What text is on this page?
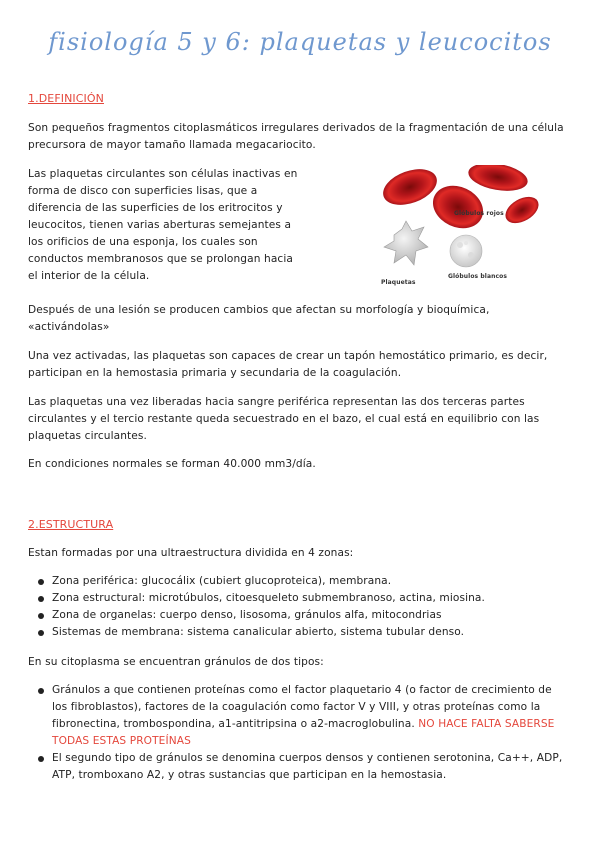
fisiología 5 y 6: plaquetas y leucocitos
1.DEFINICIÓN

Son pequeños fragmentos citoplasmáticos irregulares derivados de la fragmentación de una célula precursora de mayor tamaño llamada megacariocito.

Las plaquetas circulantes son células inactivas en forma de disco con superficies lisas, que a diferencia de las superficies de los eritrocitos y leucocitos, tienen varias aberturas semejantes a los orificios de una esponja, los cuales son conductos membranosos que se prolongan hacia el interior de la célula.

Glóbulos rojos
Plaquetas
Glóbulos blancos

Después de una lesión se producen cambios que afectan su morfología y bioquímica, «activándolas»

Una vez activadas, las plaquetas son capaces de crear un tapón hemostático primario, es decir, participan en la hemostasia primaria y secundaria de la coagulación.

Las plaquetas una vez liberadas hacia sangre periférica representan las dos terceras partes circulantes y el tercio restante queda secuestrado en el bazo, el cual está en equilibrio con las plaquetas circulantes.

En condiciones normales se forman 40.000 mm3/día.

2.ESTRUCTURA

Estan formadas por una ultraestructura dividida en 4 zonas:

Zona periférica: glucocálix (cubiert glucoproteica), membrana.
Zona estructural: microtúbulos, citoesqueleto submembranoso, actina, miosina.
Zona de organelas: cuerpo denso, lisosoma, gránulos alfa, mitocondrias
Sistemas de membrana: sistema canalicular abierto, sistema tubular denso.

En su citoplasma se encuentran gránulos de dos tipos:

Gránulos a que contienen proteínas como el factor plaquetario 4 (o factor de crecimiento de los fibroblastos), factores de la coagulación como factor V y VIII, y otras proteínas como la fibronectina, trombospondina, a1-antitripsina o a2-macroglobulina. NO HACE FALTA SABERSE TODAS ESTAS PROTEÍNAS
El segundo tipo de gránulos se denomina cuerpos densos y contienen serotonina, Ca++, ADP, ATP, tromboxano A2, y otras sustancias que participan en la hemostasia.
